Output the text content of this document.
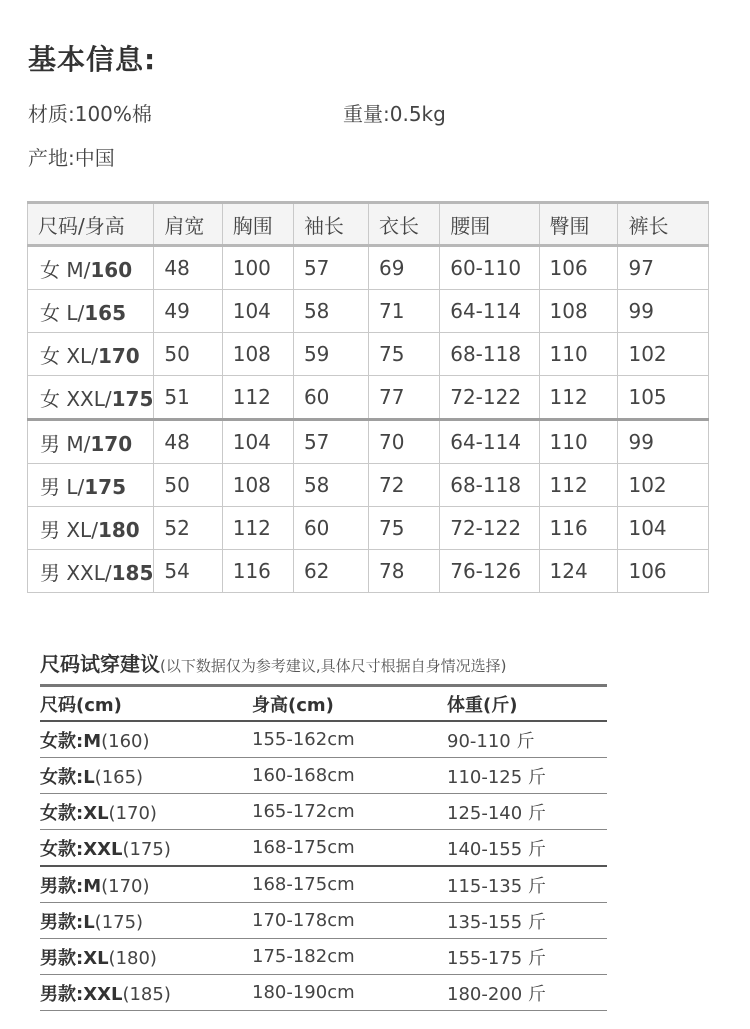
基本信息:
材质:100%棉	重量:0.5kg
产地:中国
尺码/身高	肩宽	胸围	袖长	衣长	腰围	臀围	裤长
女 M/160	48	100	57	69	60-110	106	97
女 L/165	49	104	58	71	64-114	108	99
女 XL/170	50	108	59	75	68-118	110	102
女 XXL/175	51	112	60	77	72-122	112	105
男 M/170	48	104	57	70	64-114	110	99
男 L/175	50	108	58	72	68-118	112	102
男 XL/180	52	112	60	75	72-122	116	104
男 XXL/185	54	116	62	78	76-126	124	106
尺码试穿建议(以下数据仅为参考建议,具体尺寸根据自身情况选择)
尺码(cm)	身高(cm)	体重(斤)
女款:M(160)	155-162cm	90-110 斤
女款:L(165)	160-168cm	110-125 斤
女款:XL(170)	165-172cm	125-140 斤
女款:XXL(175)	168-175cm	140-155 斤
男款:M(170)	168-175cm	115-135 斤
男款:L(175)	170-178cm	135-155 斤
男款:XL(180)	175-182cm	155-175 斤
男款:XXL(185)	180-190cm	180-200 斤
